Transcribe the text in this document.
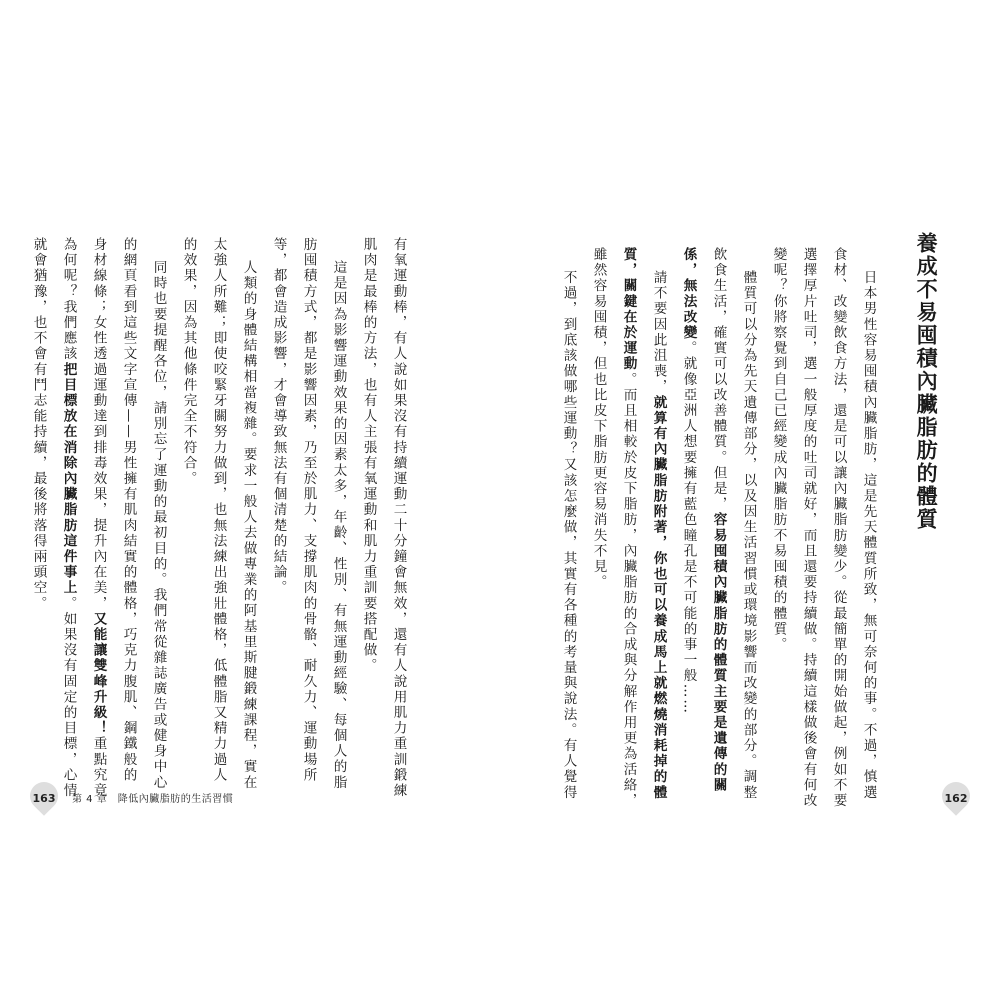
養成不易囤積內臟脂肪的體質
日本男性容易囤積內臟脂肪，這是先天體質所致，無可奈何的事。不過，慎選
食材、改變飲食方法，還是可以讓內臟脂肪變少。從最簡單的開始做起，例如不要
選擇厚片吐司，選一般厚度的吐司就好，而且還要持續做。持續這樣做後會有何改
變呢？你將察覺到自己已經變成內臟脂肪不易囤積的體質。
體質可以分為先天遺傳部分，以及因生活習慣或環境影響而改變的部分。調整
飲食生活，確實可以改善體質。但是，容易囤積內臟脂肪的體質主要是遺傳的關
係，無法改變。就像亞洲人想要擁有藍色瞳孔是不可能的事一般……
請不要因此沮喪，就算有內臟脂肪附著，你也可以養成馬上就燃燒消耗掉的體
質，關鍵在於運動。而且相較於皮下脂肪，內臟脂肪的合成與分解作用更為活絡，
雖然容易囤積，但也比皮下脂肪更容易消失不見。
不過，到底該做哪些運動？又該怎麼做，其實有各種的考量與說法。有人覺得
有氧運動棒，有人說如果沒有持續運動二十分鐘會無效，還有人說用肌力重訓鍛練
肌肉是最棒的方法，也有人主張有氧運動和肌力重訓要搭配做。
這是因為影響運動效果的因素太多，年齡、性別、有無運動經驗、每個人的脂
肪囤積方式，都是影響因素，乃至於肌力、支撐肌肉的骨骼、耐久力、運動場所
等，都會造成影響，才會導致無法有個清楚的結論。
人類的身體結構相當複雜。要求一般人去做專業的阿基里斯腱鍛練課程，實在
太強人所難；即使咬緊牙關努力做到，也無法練出強壯體格，低體脂又精力過人
的效果，因為其他條件完全不符合。
同時也要提醒各位，請別忘了運動的最初目的。我們常從雜誌廣告或健身中心
的網頁看到這些文字宣傳——男性擁有肌肉結實的體格，巧克力腹肌、鋼鐵般的
身材線條；女性透過運動達到排毒效果，提升內在美，又能讓雙峰升級！重點究竟
為何呢？我們應該把目標放在消除內臟脂肪這件事上。如果沒有固定的目標，心情
就會猶豫，也不會有鬥志能持續，最後將落得兩頭空。
163 第 4 章　降低內臟脂肪的生活習慣	162
